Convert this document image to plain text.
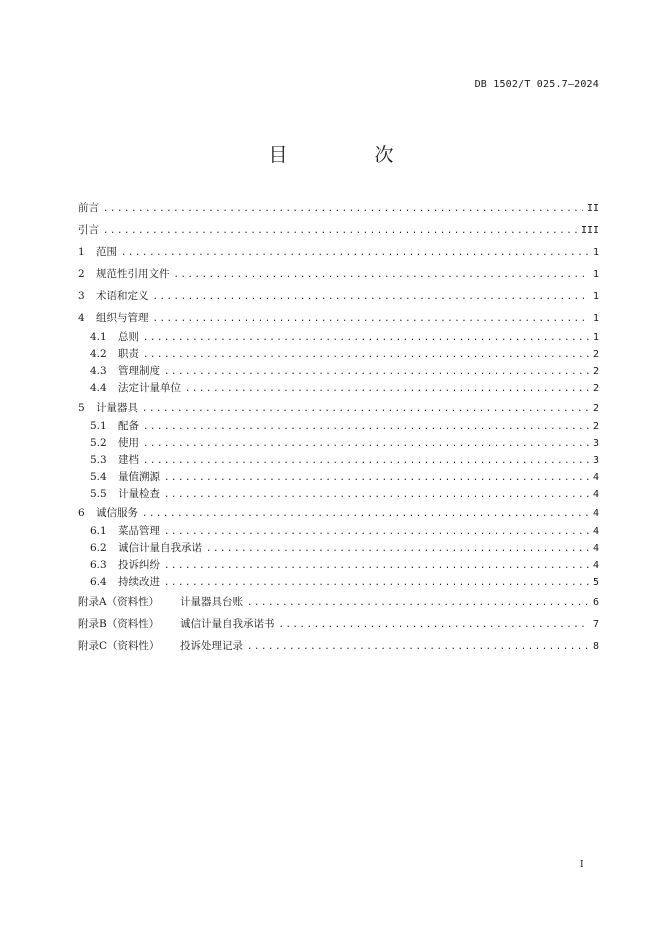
DB 1502/T 025.7—2024
目　次
前言 .....	II
引言 .....	III
1	范围 .....	1
2	规范性引用文件 .....	1
3	术语和定义 .....	1
4	组织与管理 .....	1
4.1	总则 .....	1
4.2	职责 .....	2
4.3	管理制度 .....	2
4.4	法定计量单位 .....	2
5	计量器具 .....	2
5.1	配备 .....	2
5.2	使用 .....	3
5.3	建档 .....	3
5.4	量值溯源 .....	4
5.5	计量检查 .....	4
6	诚信服务 .....	4
6.1	菜品管理 .....	4
6.2	诚信计量自我承诺 .....	4
6.3	投诉纠纷 .....	4
6.4	持续改进 .....	5
附录A（资料性）	计量器具台账 .....	6
附录B（资料性）	诚信计量自我承诺书 .....	7
附录C（资料性）	投诉处理记录 .....	8
I
